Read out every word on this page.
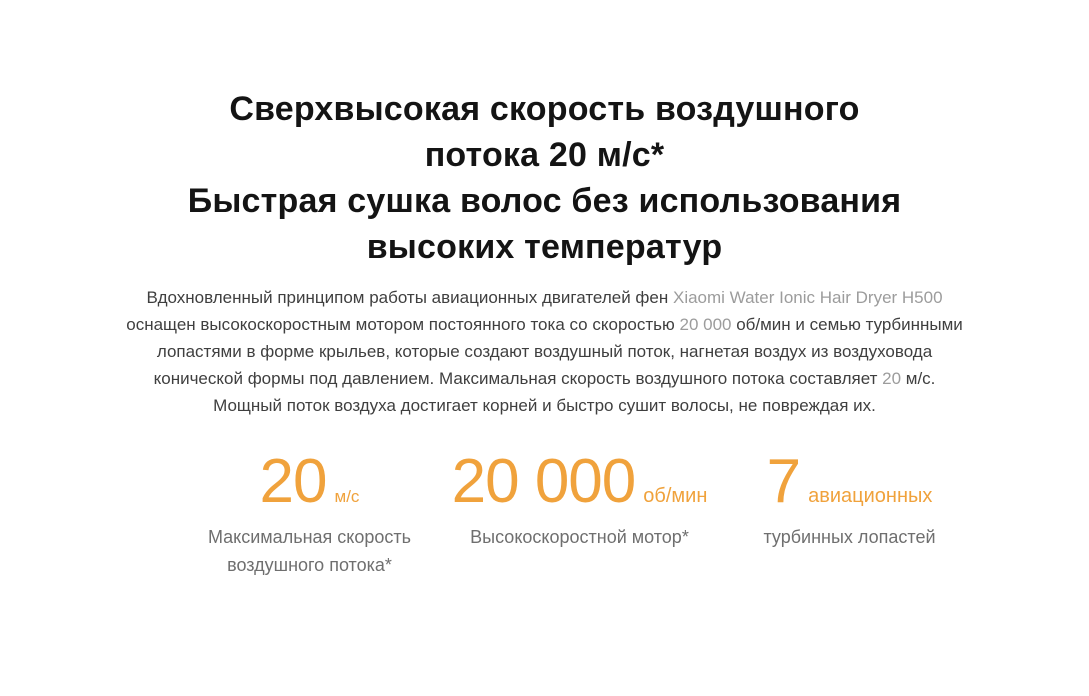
Сверхвысокая скорость воздушного
потока 20 м/с*
Быстрая сушка волос без использования
высоких температур

Вдохновленный принципом работы авиационных двигателей фен Xiaomi Water Ionic Hair Dryer H500
оснащен высокоскоростным мотором постоянного тока со скоростью 20 000 об/мин и семью турбинными
лопастями в форме крыльев, которые создают воздушный поток, нагнетая воздух из воздуховода
конической формы под давлением. Максимальная скорость воздушного потока составляет 20 м/с.
Мощный поток воздуха достигает корней и быстро сушит волосы, не повреждая их.

20 м/с
Максимальная скорость воздушного потока*
20 000 об/мин
Высокоскоростной мотор*
7 авиационных
турбинных лопастей
